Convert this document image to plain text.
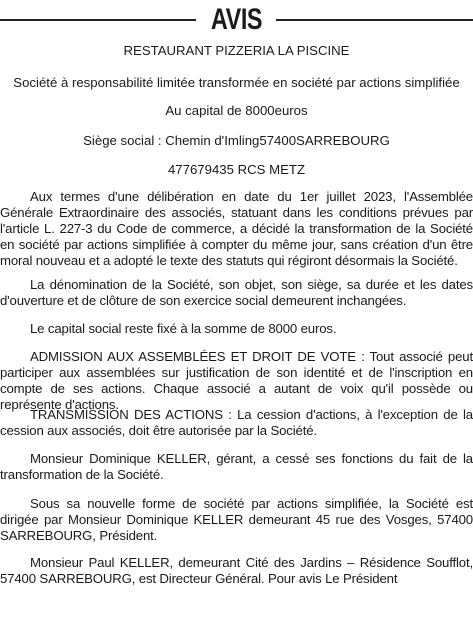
AVIS
RESTAURANT PIZZERIA LA PISCINE
Société à responsabilité limitée transformée en société par actions simplifiée
Au capital de 8000euros
Siège social : Chemin d'Imling57400SARREBOURG
477679435 RCS METZ
Aux termes d'une délibération en date du 1er juillet 2023, l'Assemblée Générale Extraordinaire des associés, statuant dans les conditions prévues par l'article L. 227-3 du Code de commerce, a décidé la transformation de la Société en société par actions simplifiée à compter du même jour, sans création d'un être moral nouveau et a adopté le texte des statuts qui régiront désormais la Société.
La dénomination de la Société, son objet, son siège, sa durée et les dates d'ouverture et de clôture de son exercice social demeurent inchangées.
Le capital social reste fixé à la somme de 8000 euros.
ADMISSION AUX ASSEMBLÉES ET DROIT DE VOTE : Tout associé peut participer aux assemblées sur justification de son identité et de l'inscription en compte de ses actions. Chaque associé a autant de voix qu'il possède ou représente d'actions.
TRANSMISSION DES ACTIONS : La cession d'actions, à l'exception de la cession aux associés, doit être autorisée par la Société.
Monsieur Dominique KELLER, gérant, a cessé ses fonctions du fait de la transformation de la Société.
Sous sa nouvelle forme de société par actions simplifiée, la Société est dirigée par Monsieur Dominique KELLER demeurant 45 rue des Vosges, 57400 SARREBOURG, Président.
Monsieur Paul KELLER, demeurant Cité des Jardins – Résidence Soufflot, 57400 SARREBOURG, est Directeur Général. Pour avis Le Président
